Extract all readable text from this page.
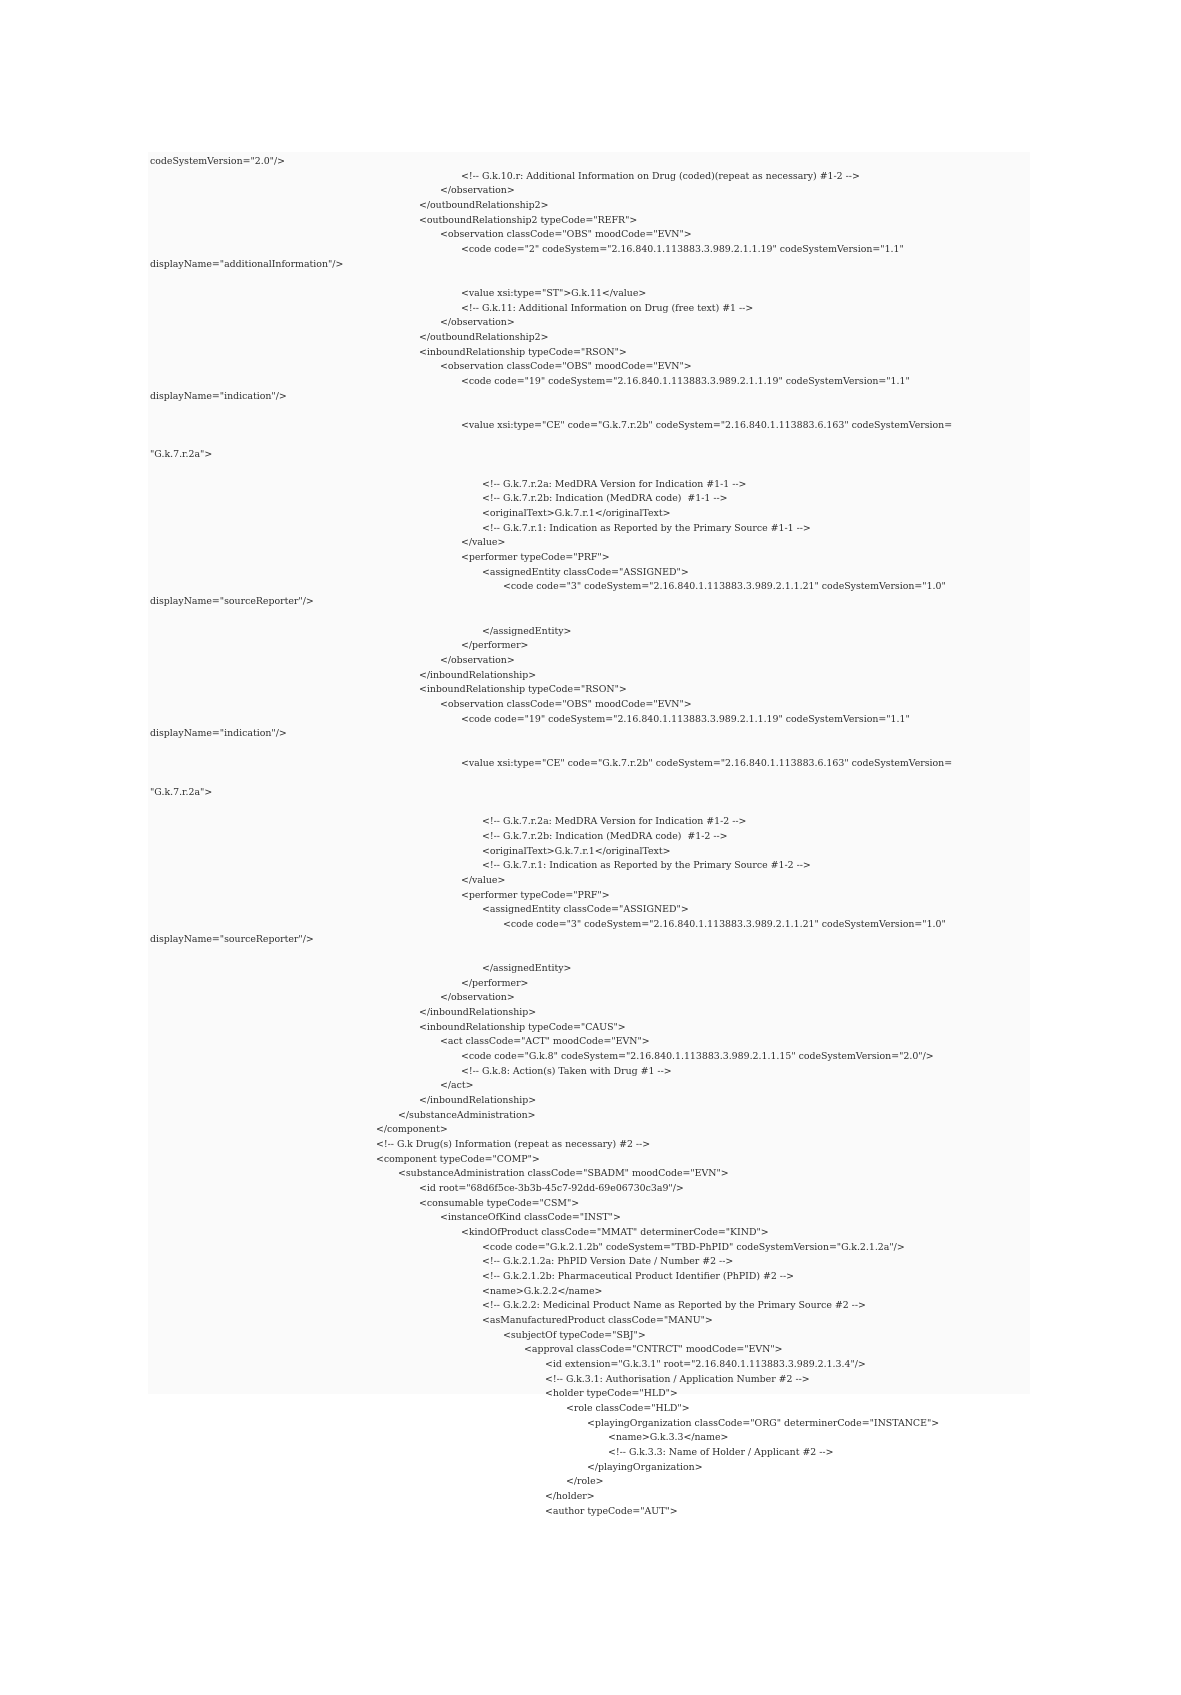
codeSystemVersion="2.0"/>
<!-- G.k.10.r: Additional Information on Drug (coded)(repeat as necessary) #1-2 -->
</observation>
</outboundRelationship2>
<outboundRelationship2 typeCode="REFR">
<observation classCode="OBS" moodCode="EVN">
<code code="2" codeSystem="2.16.840.1.113883.3.989.2.1.1.19" codeSystemVersion="1.1"
displayName="additionalInformation"/>
<value xsi:type="ST">G.k.11</value>
<!-- G.k.11: Additional Information on Drug (free text) #1 -->
</observation>
</outboundRelationship2>
<inboundRelationship typeCode="RSON">
<observation classCode="OBS" moodCode="EVN">
<code code="19" codeSystem="2.16.840.1.113883.3.989.2.1.1.19" codeSystemVersion="1.1"
displayName="indication"/>
<value xsi:type="CE" code="G.k.7.r.2b" codeSystem="2.16.840.1.113883.6.163" codeSystemVersion=
"G.k.7.r.2a">
<!-- G.k.7.r.2a: MedDRA Version for Indication #1-1 -->
<!-- G.k.7.r.2b: Indication (MedDRA code)  #1-1 -->
<originalText>G.k.7.r.1</originalText>
<!-- G.k.7.r.1: Indication as Reported by the Primary Source #1-1 -->
</value>
<performer typeCode="PRF">
<assignedEntity classCode="ASSIGNED">
<code code="3" codeSystem="2.16.840.1.113883.3.989.2.1.1.21" codeSystemVersion="1.0"
displayName="sourceReporter"/>
</assignedEntity>
</performer>
</observation>
</inboundRelationship>
<inboundRelationship typeCode="RSON">
<observation classCode="OBS" moodCode="EVN">
<code code="19" codeSystem="2.16.840.1.113883.3.989.2.1.1.19" codeSystemVersion="1.1"
displayName="indication"/>
<value xsi:type="CE" code="G.k.7.r.2b" codeSystem="2.16.840.1.113883.6.163" codeSystemVersion=
"G.k.7.r.2a">
<!-- G.k.7.r.2a: MedDRA Version for Indication #1-2 -->
<!-- G.k.7.r.2b: Indication (MedDRA code)  #1-2 -->
<originalText>G.k.7.r.1</originalText>
<!-- G.k.7.r.1: Indication as Reported by the Primary Source #1-2 -->
</value>
<performer typeCode="PRF">
<assignedEntity classCode="ASSIGNED">
<code code="3" codeSystem="2.16.840.1.113883.3.989.2.1.1.21" codeSystemVersion="1.0"
displayName="sourceReporter"/>
</assignedEntity>
</performer>
</observation>
</inboundRelationship>
<inboundRelationship typeCode="CAUS">
<act classCode="ACT" moodCode="EVN">
<code code="G.k.8" codeSystem="2.16.840.1.113883.3.989.2.1.1.15" codeSystemVersion="2.0"/>
<!-- G.k.8: Action(s) Taken with Drug #1 -->
</act>
</inboundRelationship>
</substanceAdministration>
</component>
<!-- G.k Drug(s) Information (repeat as necessary) #2 -->
<component typeCode="COMP">
<substanceAdministration classCode="SBADM" moodCode="EVN">
<id root="68d6f5ce-3b3b-45c7-92dd-69e06730c3a9"/>
<consumable typeCode="CSM">
<instanceOfKind classCode="INST">
<kindOfProduct classCode="MMAT" determinerCode="KIND">
<code code="G.k.2.1.2b" codeSystem="TBD-PhPID" codeSystemVersion="G.k.2.1.2a"/>
<!-- G.k.2.1.2a: PhPID Version Date / Number #2 -->
<!-- G.k.2.1.2b: Pharmaceutical Product Identifier (PhPID) #2 -->
<name>G.k.2.2</name>
<!-- G.k.2.2: Medicinal Product Name as Reported by the Primary Source #2 -->
<asManufacturedProduct classCode="MANU">
<subjectOf typeCode="SBJ">
<approval classCode="CNTRCT" moodCode="EVN">
<id extension="G.k.3.1" root="2.16.840.1.113883.3.989.2.1.3.4"/>
<!-- G.k.3.1: Authorisation / Application Number #2 -->
<holder typeCode="HLD">
<role classCode="HLD">
<playingOrganization classCode="ORG" determinerCode="INSTANCE">
<name>G.k.3.3</name>
<!-- G.k.3.3: Name of Holder / Applicant #2 -->
</playingOrganization>
</role>
</holder>
<author typeCode="AUT">
